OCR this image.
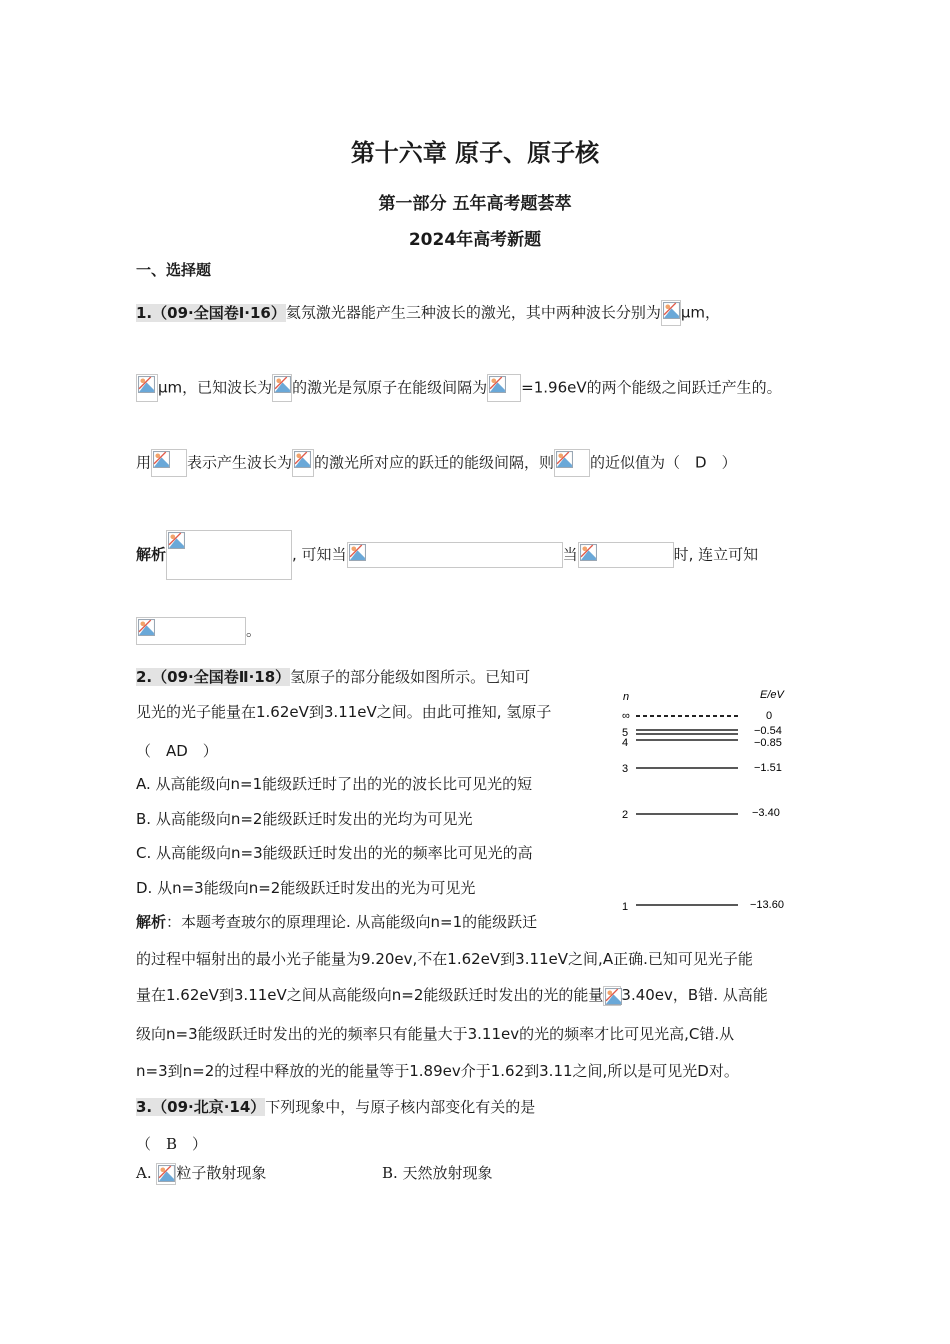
第十六章 原子、原子核
第一部分 五年高考题荟萃
2024年高考新题
一、选择题
1.（09·全国卷Ⅰ·16）氦氖激光器能产生三种波长的激光，其中两种波长分别为 μm，
μm，已知波长为 的激光是氖原子在能级间隔为 =1.96eV的两个能级之间跃迁产生的。
用 表示产生波长为 的激光所对应的跃迁的能级间隔，则 的近似值为（　D　）
解析	, 可知当	当	时, 连立可知
。
2.（09·全国卷Ⅱ·18）氢原子的部分能级如图所示。已知可
见光的光子能量在1.62eV到3.11eV之间。由此可推知, 氢原子
（　AD　）
A. 从高能级向n=1能级跃迁时了出的光的波长比可见光的短
B. 从高能级向n=2能级跃迁时发出的光均为可见光
C. 从高能级向n=3能级跃迁时发出的光的频率比可见光的高
D. 从n=3能级向n=2能级跃迁时发出的光为可见光
解析：本题考查玻尔的原理理论. 从高能级向n=1的能级跃迁
的过程中辐射出的最小光子能量为9.20ev,不在1.62eV到3.11eV之间,A正确.已知可见光子能
量在1.62eV到3.11eV之间从高能级向n=2能级跃迁时发出的光的能量 3.40ev，B错. 从高能
级向n=3能级跃迁时发出的光的频率只有能量大于3.11ev的光的频率才比可见光高,C错.从
n=3到n=2的过程中释放的光的能量等于1.89ev介于1.62到3.11之间,所以是可见光D对。
n	E/eV
∞	0
5	−0.54
4	−0.85
3	−1.51
2	−3.40
1	−13.60
3.（09·北京·14）下列现象中，与原子核内部变化有关的是
（　B　）
A. 粒子散射现象	B. 天然放射现象
